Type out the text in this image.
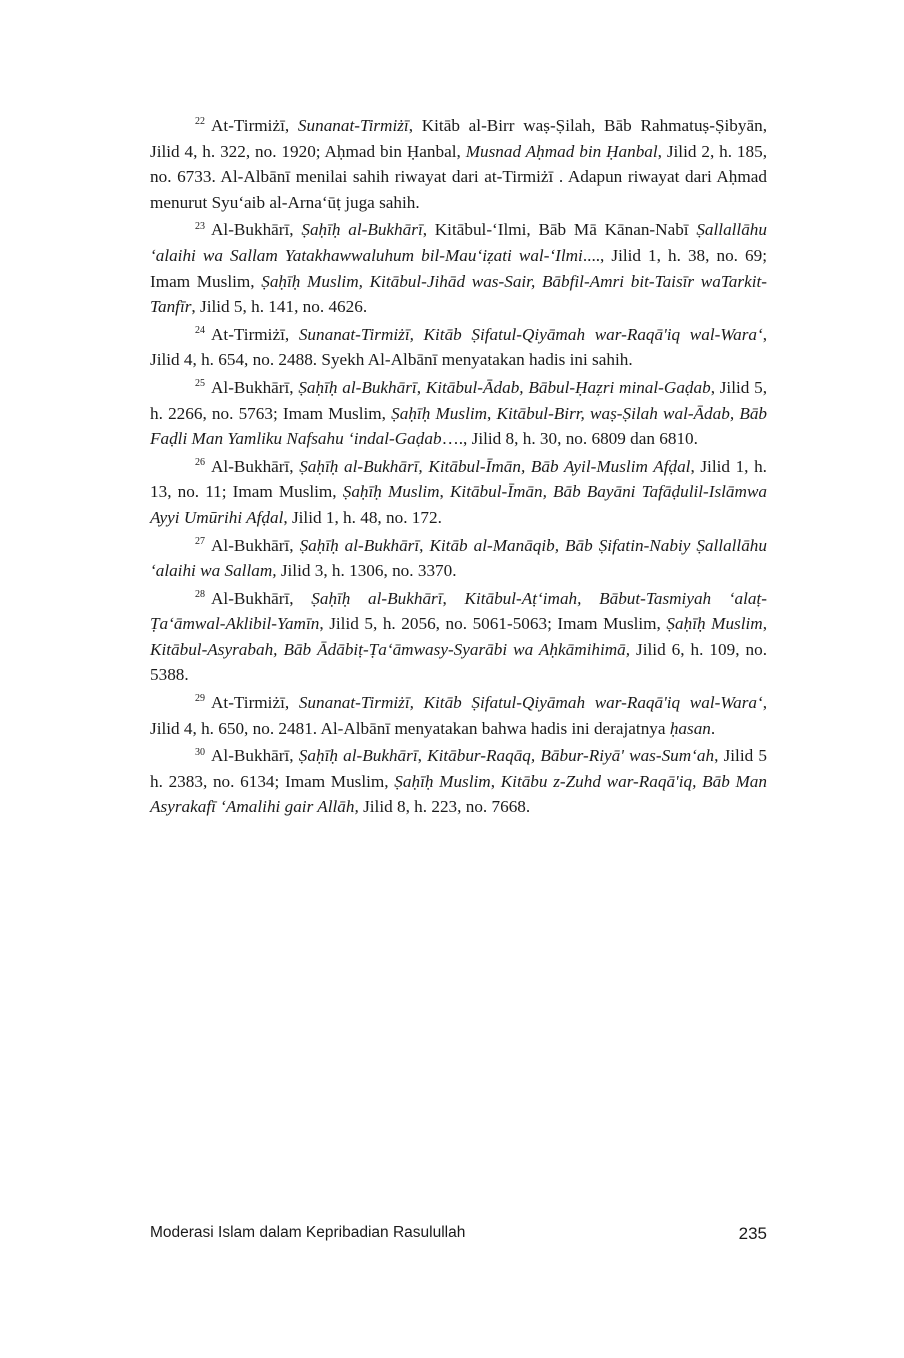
$^{22}$ At-Tirmiżī, Sunanat-Tirmiżī, Kitāb al-Birr waṣ-Ṣilah, Bāb Rahmatuṣ-Ṣibyān, Jilid 4, h. 322, no. 1920; Aḥmad bin Ḥanbal, Musnad Aḥmad bin Ḥanbal, Jilid 2, h. 185, no. 6733. Al-Albānī menilai sahih riwayat dari at-Tirmiżī . Adapun riwayat dari Aḥmad menurut Syu‘aib al-Arna‘ūṭ juga sahih.

$^{23}$ Al-Bukhārī, Ṣaḥīḥ al-Bukhārī, Kitābul-‘Ilmi, Bāb Mā Kānan-Nabī Ṣallallāhu ‘alaihi wa Sallam Yatakhawwaluhum bil-Mau‘iẓati wal-‘Ilmi...., Jilid 1, h. 38, no. 69; Imam Muslim, Ṣaḥīḥ Muslim, Kitābul-Jihād was-Sair, Bābfil-Amri bit-Taisīr waTarkit-Tanfīr, Jilid 5, h. 141, no. 4626.

$^{24}$ At-Tirmiżī, Sunanat-Tirmiżī, Kitāb Ṣifatul-Qiyāmah war-Raqā'iq wal-Wara‘, Jilid 4, h. 654, no. 2488. Syekh Al-Albānī menyatakan hadis ini sahih.

$^{25}$ Al-Bukhārī, Ṣaḥīḥ al-Bukhārī, Kitābul-Ādab, Bābul-Ḥaẓri minal-Gaḍab, Jilid 5, h. 2266, no. 5763; Imam Muslim, Ṣaḥīḥ Muslim, Kitābul-Birr, waṣ-Ṣilah wal-Ādab, Bāb Faḍli Man Yamliku Nafsahu ‘indal-Gaḍab…., Jilid 8, h. 30, no. 6809 dan 6810.

$^{26}$ Al-Bukhārī, Ṣaḥīḥ al-Bukhārī, Kitābul-Īmān, Bāb Ayil-Muslim Afḍal, Jilid 1, h. 13, no. 11; Imam Muslim, Ṣaḥīḥ Muslim, Kitābul-Īmān, Bāb Bayāni Tafāḍulil-Islāmwa Ayyi Umūrihi Afḍal, Jilid 1, h. 48, no. 172.

$^{27}$ Al-Bukhārī, Ṣaḥīḥ al-Bukhārī, Kitāb al-Manāqib, Bāb Ṣifatin-Nabiy Ṣallallāhu ‘alaihi wa Sallam, Jilid 3, h. 1306, no. 3370.

$^{28}$ Al-Bukhārī, Ṣaḥīḥ al-Bukhārī, Kitābul-Aṭ‘imah, Bābut-Tasmiyah ‘alaṭ-Ṭa‘āmwal-Aklibil-Yamīn, Jilid 5, h. 2056, no. 5061-5063; Imam Muslim, Ṣaḥīḥ Muslim, Kitābul-Asyrabah, Bāb Ādābiṭ-Ṭa‘āmwasy-Syarābi wa Aḥkāmihimā, Jilid 6, h. 109, no. 5388.

$^{29}$ At-Tirmiżī, Sunanat-Tirmiżī, Kitāb Ṣifatul-Qiyāmah war-Raqā'iq wal-Wara‘, Jilid 4, h. 650, no. 2481. Al-Albānī menyatakan bahwa hadis ini derajatnya ḥasan.

$^{30}$ Al-Bukhārī, Ṣaḥīḥ al-Bukhārī, Kitābur-Raqāq, Bābur-Riyā' was-Sum‘ah, Jilid 5 h. 2383, no. 6134; Imam Muslim, Ṣaḥīḥ Muslim, Kitābu z-Zuhd war-Raqā'iq, Bāb Man Asyrakafī ‘Amalihi gair Allāh, Jilid 8, h. 223, no. 7668.

Moderasi Islam dalam Kepribadian Rasulullah	235
